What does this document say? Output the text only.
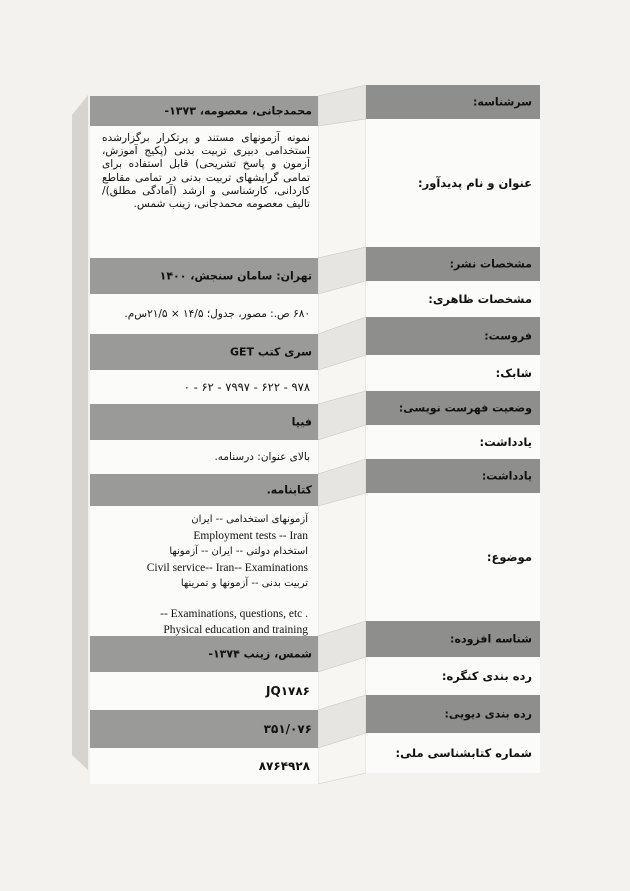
سرشناسه:
عنوان و نام پدیدآور:
مشخصات نشر:
مشخصات ظاهری:
فروست:
شابک:
وضعیت فهرست نویسی:
یادداشت:
یادداشت:
موضوع:
شناسه افزوده:
رده بندی کنگره:
رده بندی دیویی:
شماره کتابشناسی ملی:
محمدجانی، معصومه، ۱۳۷۳-
نمونه آزمونهای مستند و پرتکرار برگزارشده استخدامی دبیری تربیت بدنی (پکیج آموزش، آزمون و پاسخ تشریحی) قابل استفاده برای تمامی گرایشهای تربیت بدنی در تمامی مقاطع کاردانی، کارشناسی و ارشد (آمادگی مطلق)/ تالیف معصومه محمدجانی، زینب شمس.
تهران: سامان سنجش، ۱۴۰۰
۶۸۰ ص.: مصور، جدول؛ ۱۴/۵ × ۲۱/۵س‌م.
سری کتب GET
۹۷۸ - ۶۲۲ - ۷۹۹۷ - ۶۲ - ۰
فیپا
بالای عنوان: درسنامه.
کتابنامه.
آزمونهای استخدامی -- ایران
Employment tests -- Iran
استخدام دولتی -- ایران -- آزمونها
Civil service-- Iran-- Examinations
تربیت بدنی -- آزمونها و تمرینها
-- Examinations, questions, etc .
Physical education and training
شمس، زینب ۱۳۷۴-
JQ۱۷۸۶
۳۵۱/۰۷۶
۸۷۶۴۹۲۸
